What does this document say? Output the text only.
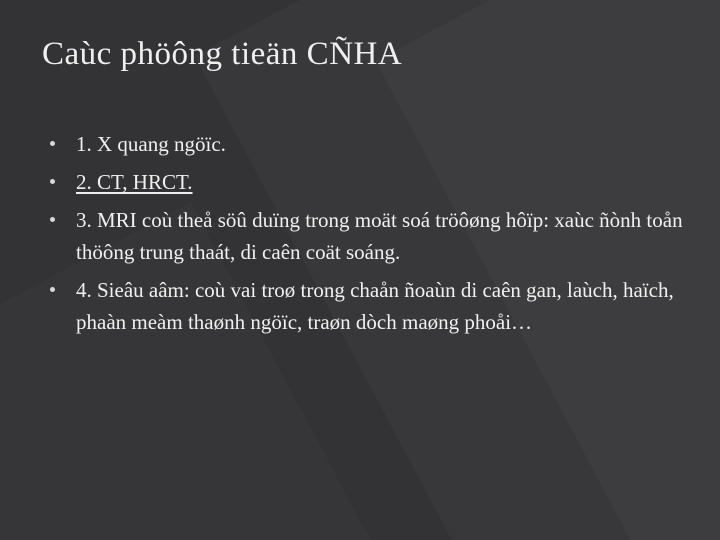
Caùc phöông tieän CÑHA
1. X quang ngöïc.
2. CT, HRCT.
3. MRI coù theå söû duïng trong moät soá tröôøng hôïp: xaùc ñònh toån thöông trung thaát, di caên coät soáng.
4. Sieâu aâm: coù vai troø trong chaån ñoaùn di caên gan, laùch, haïch, phaàn meàm thaønh ngöïc, traøn dòch maøng phoåi…
